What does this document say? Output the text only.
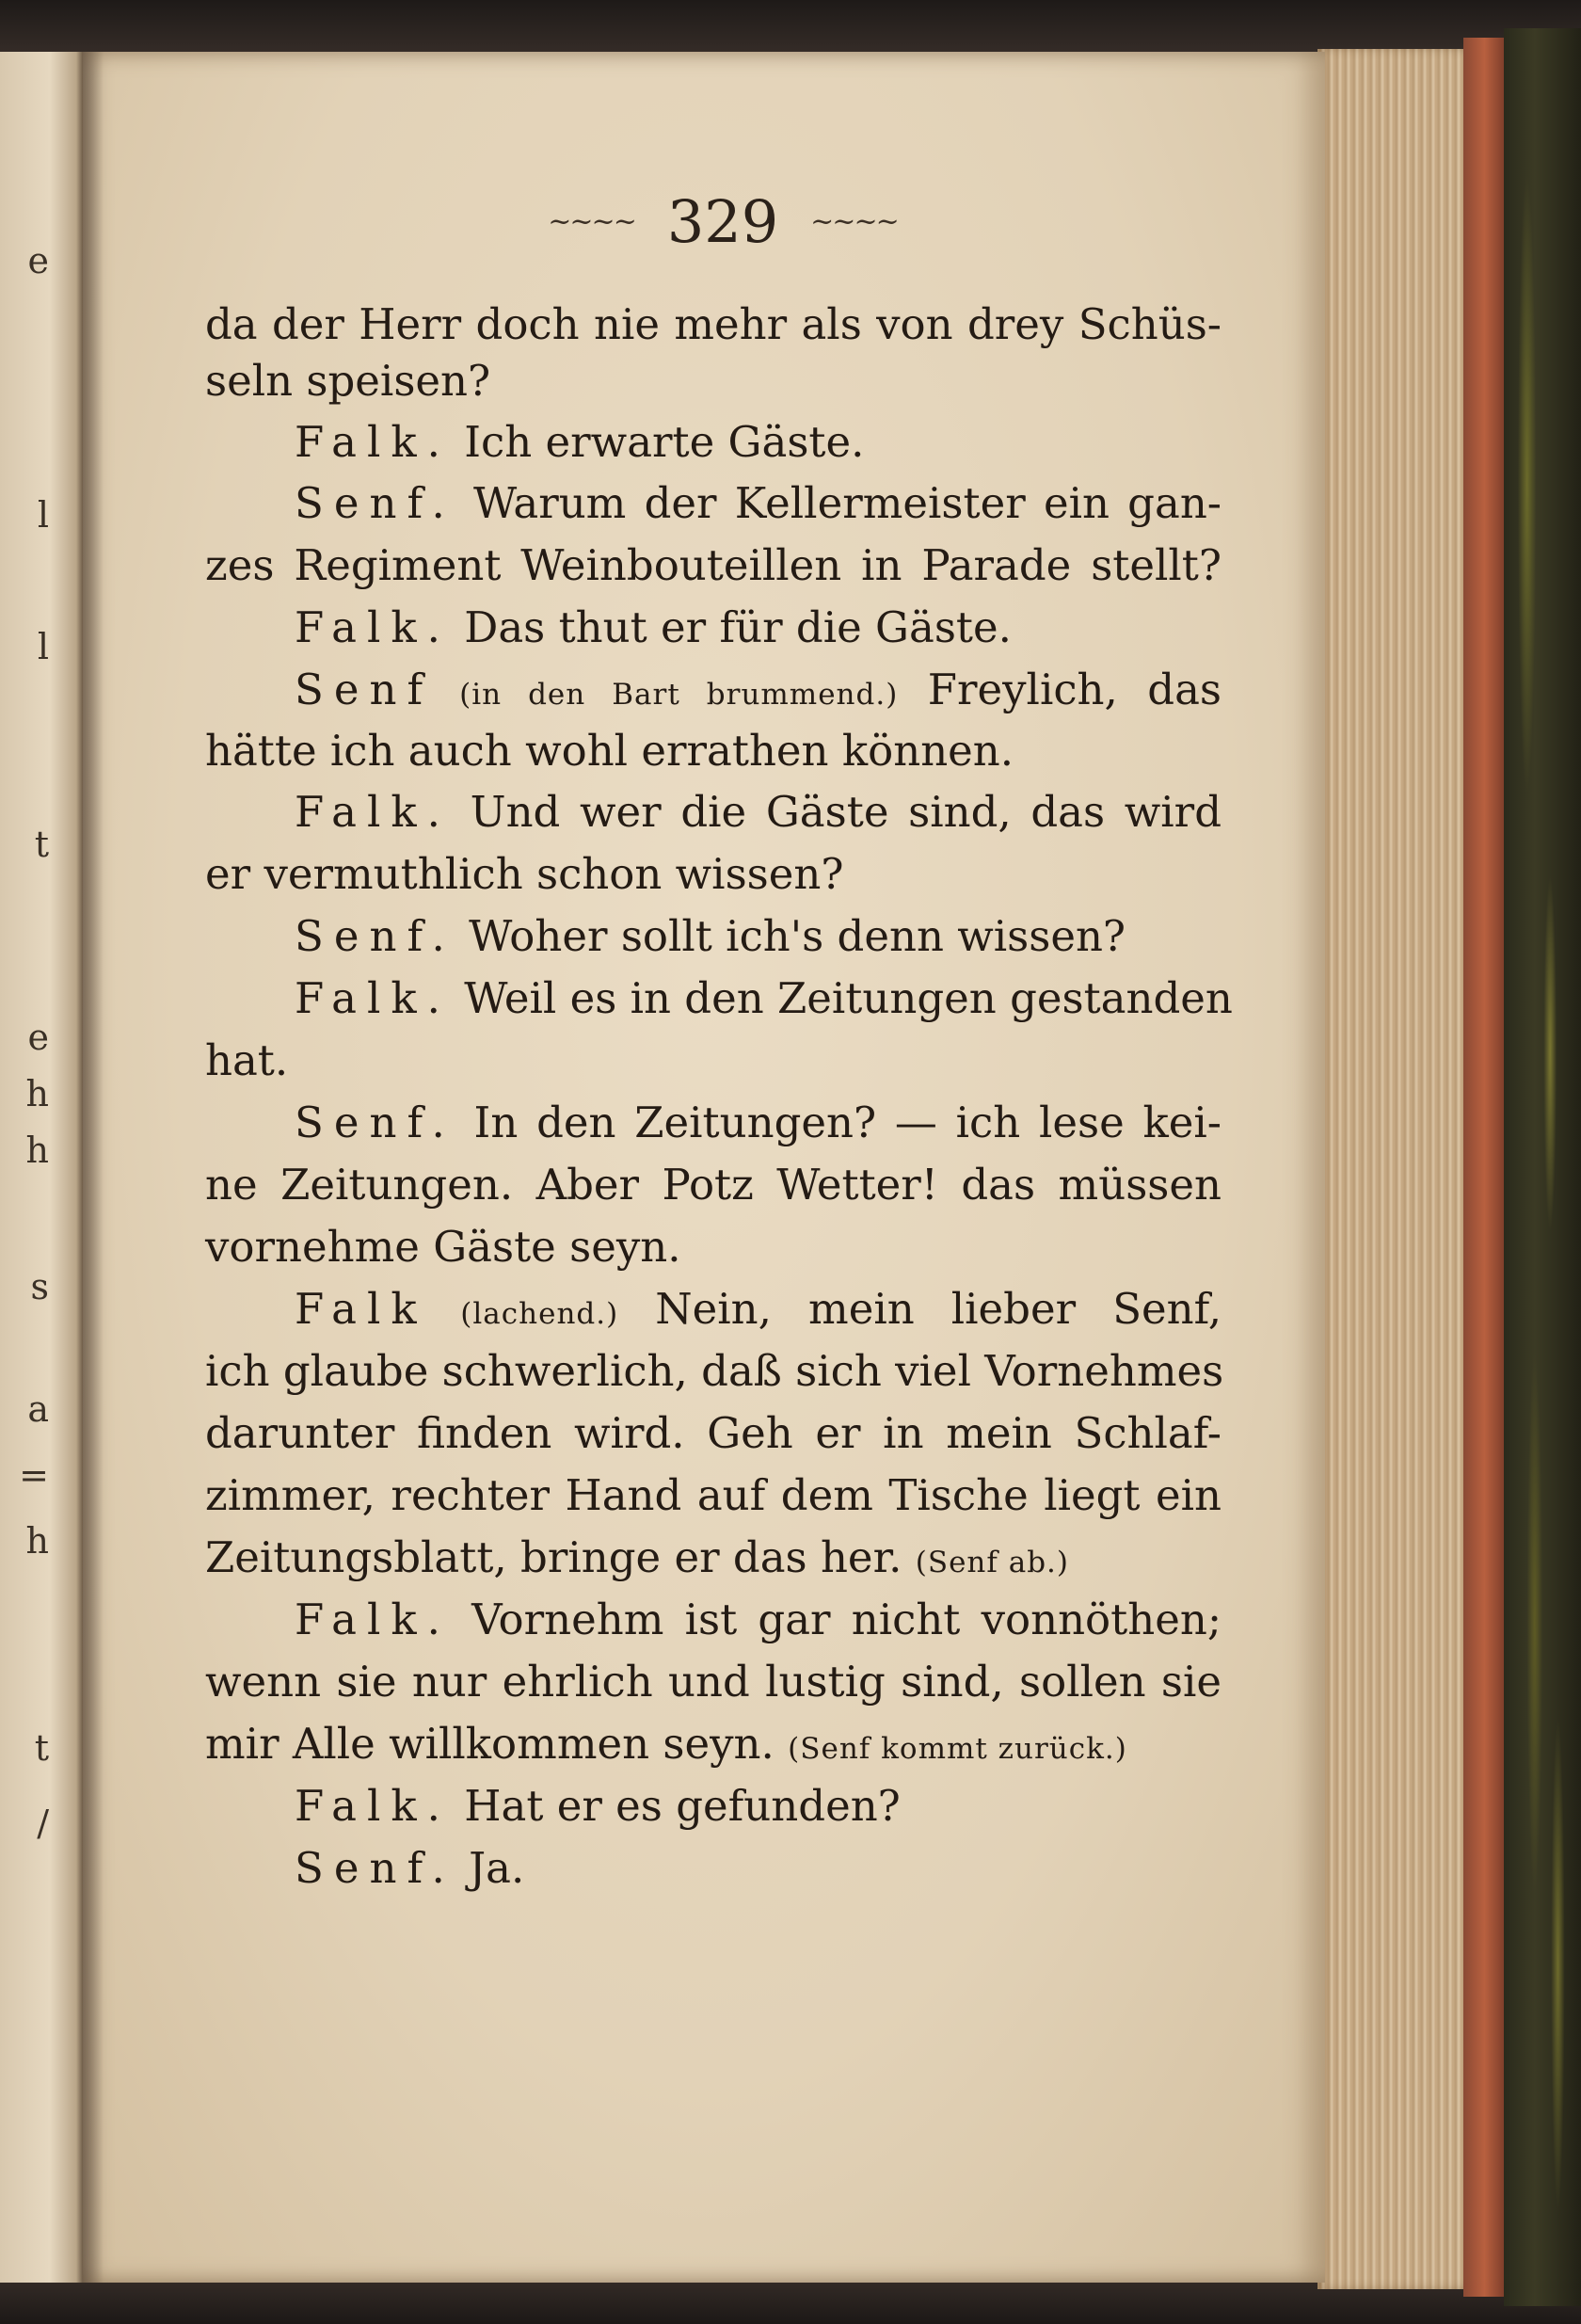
e
l
l
t
e
h
h
s
a
=
h
t
/
~~~~ 329 ~~~~
da der Herr doch nie mehr als von drey Schüs-
seln speisen?
Falk. Ich erwarte Gäste.
Senf. Warum der Kellermeister ein gan-
zes Regiment Weinbouteillen in Parade stellt?
Falk. Das thut er für die Gäste.
Senf (in den Bart brummend.) Freylich, das
hätte ich auch wohl errathen können.
Falk. Und wer die Gäste sind, das wird
er vermuthlich schon wissen?
Senf. Woher sollt ich's denn wissen?
Falk. Weil es in den Zeitungen gestanden
hat.
Senf. In den Zeitungen? — ich lese kei-
ne Zeitungen. Aber Potz Wetter! das müssen
vornehme Gäste seyn.
Falk (lachend.) Nein, mein lieber Senf,
ich glaube schwerlich, daß sich viel Vornehmes
darunter finden wird. Geh er in mein Schlaf-
zimmer, rechter Hand auf dem Tische liegt ein
Zeitungsblatt, bringe er das her. (Senf ab.)
Falk. Vornehm ist gar nicht vonnöthen;
wenn sie nur ehrlich und lustig sind, sollen sie
mir Alle willkommen seyn. (Senf kommt zurück.)
Falk. Hat er es gefunden?
Senf. Ja.
